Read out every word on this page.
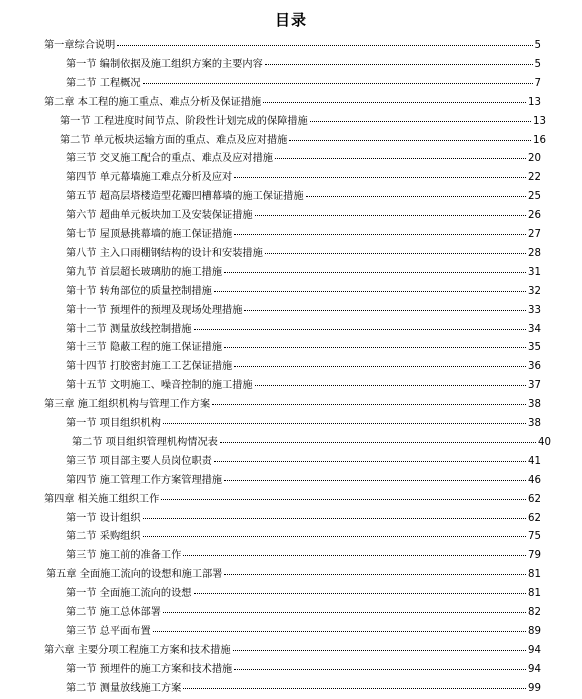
目录
第一章综合说明	5
第一节 编制依据及施工组织方案的主要内容	5
第二节 工程概况	7
第二章 本工程的施工重点、难点分析及保证措施	13
第一节 工程进度时间节点、阶段性计划完成的保障措施	13
第二节 单元板块运输方面的重点、难点及应对措施	16
第三节 交叉施工配合的重点、难点及应对措施	20
第四节 单元幕墙施工难点分析及应对	22
第五节 超高层塔楼造型花瓣凹槽幕墙的施工保证措施	25
第六节 超曲单元板块加工及安装保证措施	26
第七节 屋顶悬挑幕墙的施工保证措施	27
第八节 主入口雨棚钢结构的设计和安装措施	28
第九节 首层超长玻璃肋的施工措施	31
第十节 转角部位的质量控制措施	32
第十一节 预埋件的预埋及现场处理措施	33
第十二节 测量放线控制措施	34
第十三节 隐蔽工程的施工保证措施	35
第十四节 打胶密封施工工艺保证措施	36
第十五节 文明施工、噪音控制的施工措施	37
第三章 施工组织机构与管理工作方案	38
第一节 项目组织机构	38
第二节 项目组织管理机构情况表	40
第三节 项目部主要人员岗位职责	41
第四节 施工管理工作方案管理措施	46
第四章 相关施工组织工作	62
第一节 设计组织	62
第二节 采购组织	75
第三节 施工前的准备工作	79
第五章 全面施工流向的设想和施工部署	81
第一节 全面施工流向的设想	81
第二节 施工总体部署	82
第三节 总平面布置	89
第六章 主要分项工程施工方案和技术措施	94
第一节 预埋件的施工方案和技术措施	94
第二节 测量放线施工方案	99
